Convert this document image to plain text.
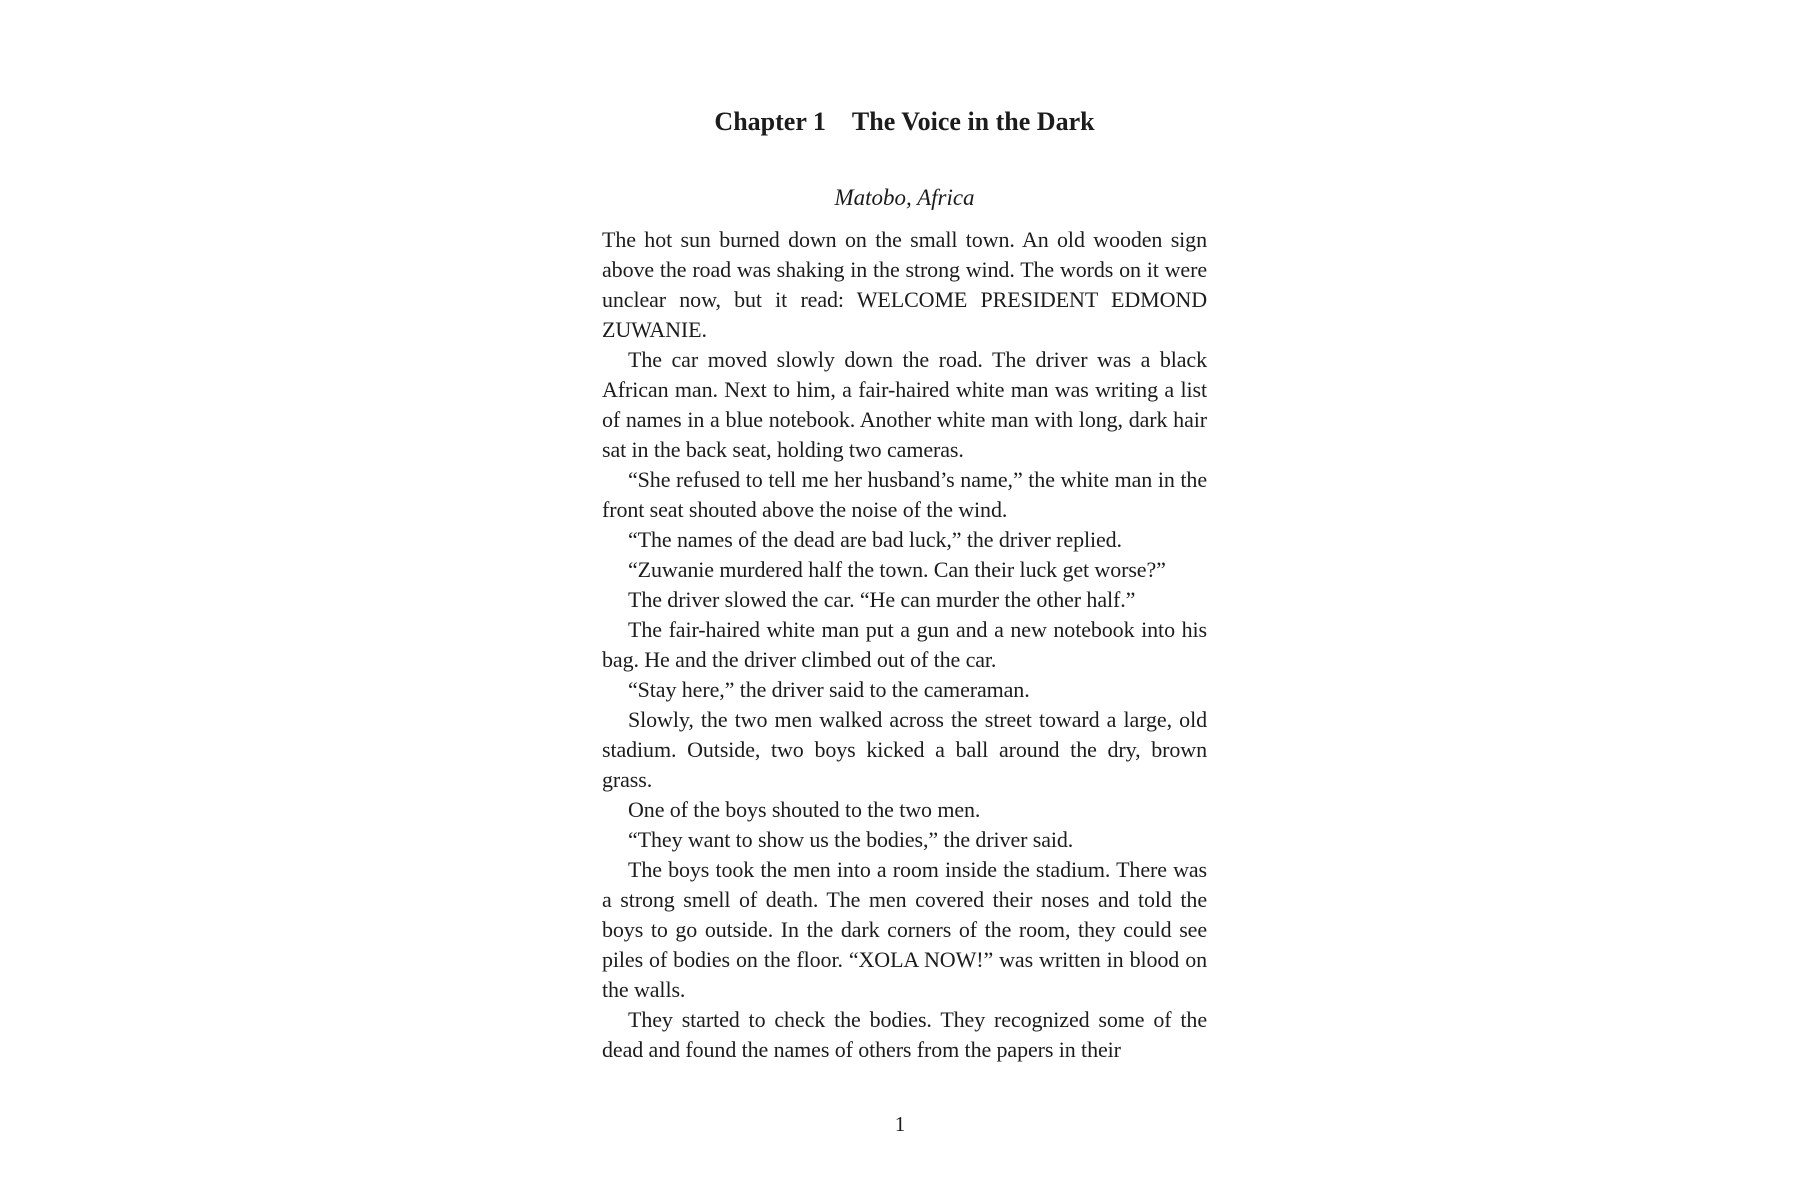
Chapter 1 The Voice in the Dark
Matobo, Africa

The hot sun burned down on the small town. An old wooden sign above the road was shaking in the strong wind. The words on it were unclear now, but it read: WELCOME PRESIDENT EDMOND ZUWANIE.

The car moved slowly down the road. The driver was a black African man. Next to him, a fair-haired white man was writing a list of names in a blue notebook. Another white man with long, dark hair sat in the back seat, holding two cameras.

“She refused to tell me her husband’s name,” the white man in the front seat shouted above the noise of the wind.

“The names of the dead are bad luck,” the driver replied.

“Zuwanie murdered half the town. Can their luck get worse?”

The driver slowed the car. “He can murder the other half.”

The fair-haired white man put a gun and a new notebook into his bag. He and the driver climbed out of the car.

“Stay here,” the driver said to the cameraman.

Slowly, the two men walked across the street toward a large, old stadium. Outside, two boys kicked a ball around the dry, brown grass.

One of the boys shouted to the two men.

“They want to show us the bodies,” the driver said.

The boys took the men into a room inside the stadium. There was a strong smell of death. The men covered their noses and told the boys to go outside. In the dark corners of the room, they could see piles of bodies on the floor. “XOLA NOW!” was written in blood on the walls.

They started to check the bodies. They recognized some of the dead and found the names of others from the papers in their

1
